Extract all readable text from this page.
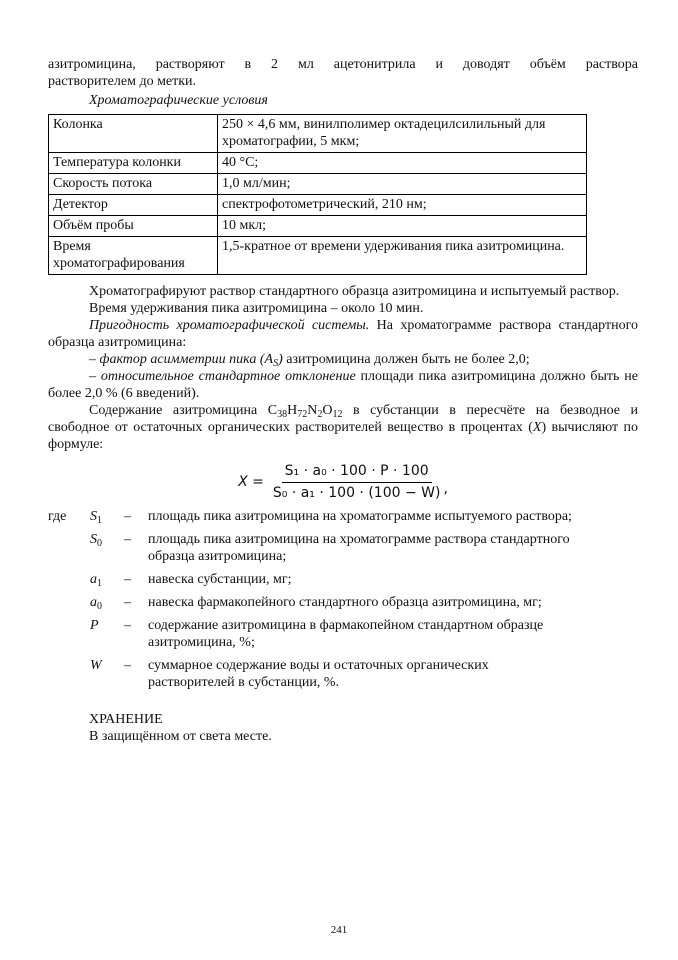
азитромицина, растворяют в 2 мл ацетонитрила и доводят объём раствора

растворителем до метки.

Хроматографические условия

Колонка	250 × 4,6 мм, винилполимер октадецилсилильный для хроматографии, 5 мкм;
Температура колонки	40 °С;
Скорость потока	1,0 мл/мин;
Детектор	спектрофотометрический, 210 нм;
Объём пробы	10 мкл;
Время хроматографирования	1,5-кратное от времени удерживания пика азитромицина.

Хроматографируют раствор стандартного образца азитромицина и испытуемый раствор.

Время удерживания пика азитромицина – около 10 мин.

Пригодность хроматографической системы. На хроматограмме раствора стандартного образца азитромицина:

– фактор асимметрии пика $(A_S)$ азитромицина должен быть не более 2,0;

– относительное стандартное отклонение площади пика азитромицина должно быть не более 2,0 % (6 введений).

Содержание азитромицина $C_{38}H_{72}N_2O_{12}$ в субстанции в пересчёте на безводное и свободное от остаточных органических растворителей вещество в процентах (X) вычисляют по формуле:

$X = \frac{\text{S₁ · a₀ · 100 · P · 100}}{\text{S₀ · a₁ · 100 · (100 − W)}}$ ,
где	$S_1$	–	площадь пика азитромицина на хроматограмме испытуемого раствора;
$S_0$	–	площадь пика азитромицина на хроматограмме раствора стандартного образца азитромицина;
$a_1$	–	навеска субстанции, мг;
$a_0$	–	навеска фармакопейного стандартного образца азитромицина, мг;
P	–	содержание азитромицина в фармакопейном стандартном образце азитромицина, %;
W	–	суммарное содержание воды и остаточных органических растворителей в субстанции, %.

ХРАНЕНИЕ

В защищённом от света месте.

241
